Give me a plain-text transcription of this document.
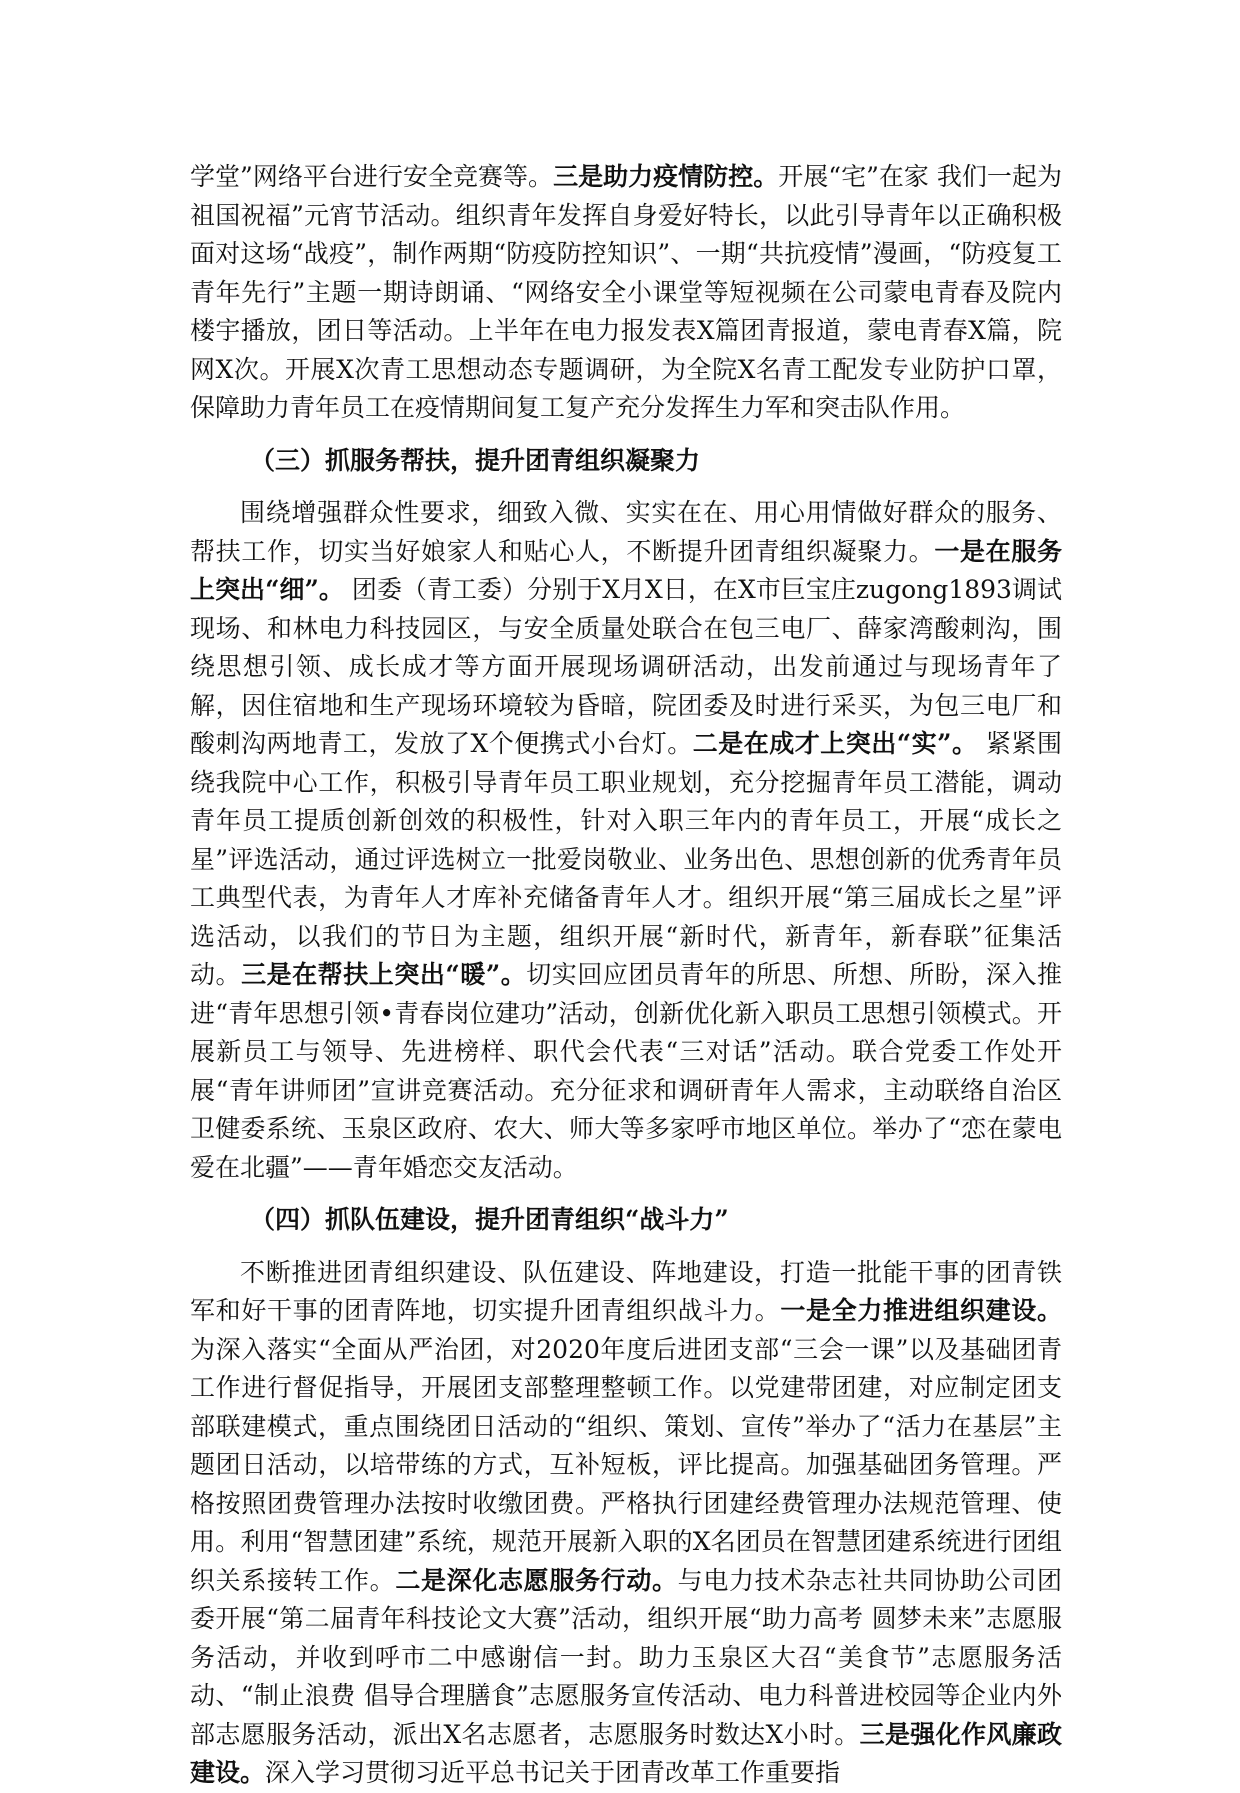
学堂”网络平台进行安全竞赛等。三是助力疫情防控。开展“宅”在家 我们一起为祖国祝福”元宵节活动。组织青年发挥自身爱好特长，以此引导青年以正确积极面对这场“战疫”，制作两期“防疫防控知识”、一期“共抗疫情”漫画，“防疫复工 青年先行”主题一期诗朗诵、“网络安全小课堂等短视频在公司蒙电青春及院内楼宇播放，团日等活动。上半年在电力报发表X篇团青报道，蒙电青春X篇，院网X次。开展X次青工思想动态专题调研，为全院X名青工配发专业防护口罩，保障助力青年员工在疫情期间复工复产充分发挥生力军和突击队作用。

（三）抓服务帮扶，提升团青组织凝聚力

围绕增强群众性要求，细致入微、实实在在、用心用情做好群众的服务、帮扶工作，切实当好娘家人和贴心人，不断提升团青组织凝聚力。一是在服务上突出“细”。 团委（青工委）分别于X月X日，在X市巨宝庄zugong1893调试现场、和林电力科技园区，与安全质量处联合在包三电厂、薛家湾酸刺沟，围绕思想引领、成长成才等方面开展现场调研活动，出发前通过与现场青年了解，因住宿地和生产现场环境较为昏暗，院团委及时进行采买，为包三电厂和酸刺沟两地青工，发放了X个便携式小台灯。二是在成才上突出“实”。 紧紧围绕我院中心工作，积极引导青年员工职业规划，充分挖掘青年员工潜能，调动青年员工提质创新创效的积极性，针对入职三年内的青年员工，开展“成长之星”评选活动，通过评选树立一批爱岗敬业、业务出色、思想创新的优秀青年员工典型代表，为青年人才库补充储备青年人才。组织开展“第三届成长之星”评选活动，以我们的节日为主题，组织开展“新时代，新青年，新春联”征集活动。三是在帮扶上突出“暖”。切实回应团员青年的所思、所想、所盼，深入推进“青年思想引领•青春岗位建功”活动，创新优化新入职员工思想引领模式。开展新员工与领导、先进榜样、职代会代表“三对话”活动。联合党委工作处开展“青年讲师团”宣讲竞赛活动。充分征求和调研青年人需求，主动联络自治区卫健委系统、玉泉区政府、农大、师大等多家呼市地区单位。举办了“恋在蒙电 爱在北疆”——青年婚恋交友活动。

（四）抓队伍建设，提升团青组织“战斗力”

不断推进团青组织建设、队伍建设、阵地建设，打造一批能干事的团青铁军和好干事的团青阵地，切实提升团青组织战斗力。一是全力推进组织建设。为深入落实“全面从严治团，对2020年度后进团支部“三会一课”以及基础团青工作进行督促指导，开展团支部整理整顿工作。以党建带团建，对应制定团支部联建模式，重点围绕团日活动的“组织、策划、宣传”举办了“活力在基层”主题团日活动，以培带练的方式，互补短板，评比提高。加强基础团务管理。严格按照团费管理办法按时收缴团费。严格执行团建经费管理办法规范管理、使用。利用“智慧团建”系统，规范开展新入职的X名团员在智慧团建系统进行团组织关系接转工作。二是深化志愿服务行动。与电力技术杂志社共同协助公司团委开展“第二届青年科技论文大赛”活动，组织开展“助力高考 圆梦未来”志愿服务活动，并收到呼市二中感谢信一封。助力玉泉区大召“美食节”志愿服务活动、“制止浪费 倡导合理膳食”志愿服务宣传活动、电力科普进校园等企业内外部志愿服务活动，派出X名志愿者，志愿服务时数达X小时。三是强化作风廉政建设。深入学习贯彻习近平总书记关于团青改革工作重要指
